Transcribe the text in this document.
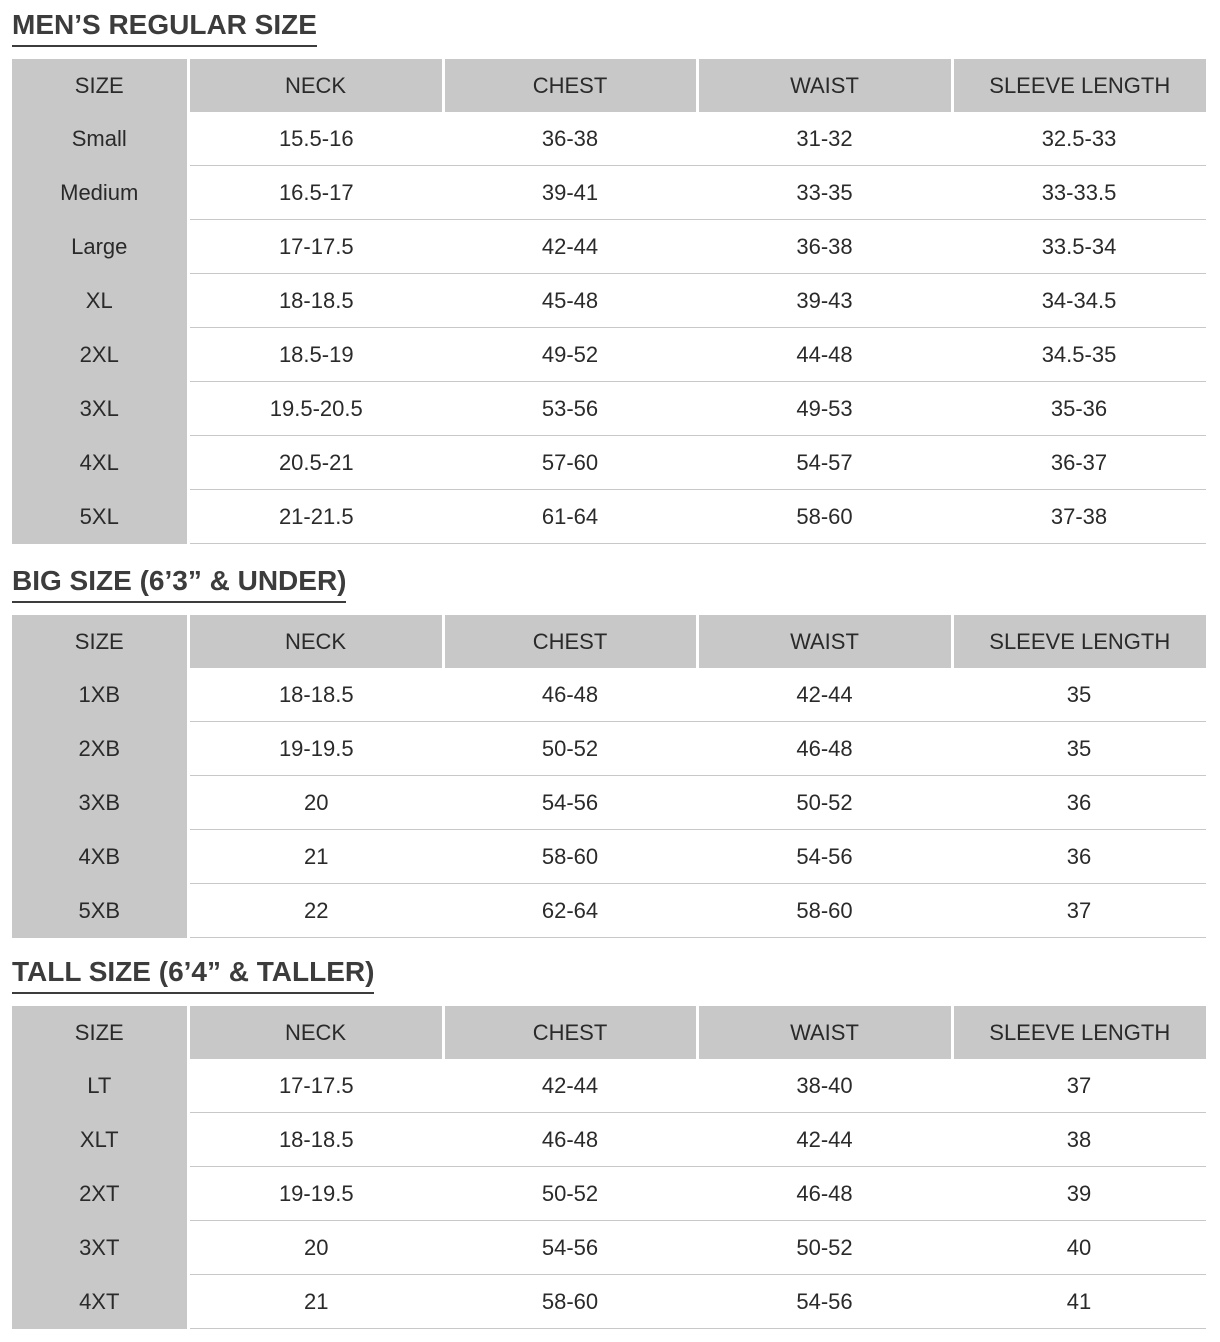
MEN’S REGULAR SIZE
SIZE	NECK	CHEST	WAIST	SLEEVE LENGTH
Small	15.5-16	36-38	31-32	32.5-33
Medium	16.5-17	39-41	33-35	33-33.5
Large	17-17.5	42-44	36-38	33.5-34
XL	18-18.5	45-48	39-43	34-34.5
2XL	18.5-19	49-52	44-48	34.5-35
3XL	19.5-20.5	53-56	49-53	35-36
4XL	20.5-21	57-60	54-57	36-37
5XL	21-21.5	61-64	58-60	37-38
BIG SIZE (6’3” & UNDER)
SIZE	NECK	CHEST	WAIST	SLEEVE LENGTH
1XB	18-18.5	46-48	42-44	35
2XB	19-19.5	50-52	46-48	35
3XB	20	54-56	50-52	36
4XB	21	58-60	54-56	36
5XB	22	62-64	58-60	37
TALL SIZE (6’4” & TALLER)
SIZE	NECK	CHEST	WAIST	SLEEVE LENGTH
LT	17-17.5	42-44	38-40	37
XLT	18-18.5	46-48	42-44	38
2XT	19-19.5	50-52	46-48	39
3XT	20	54-56	50-52	40
4XT	21	58-60	54-56	41
